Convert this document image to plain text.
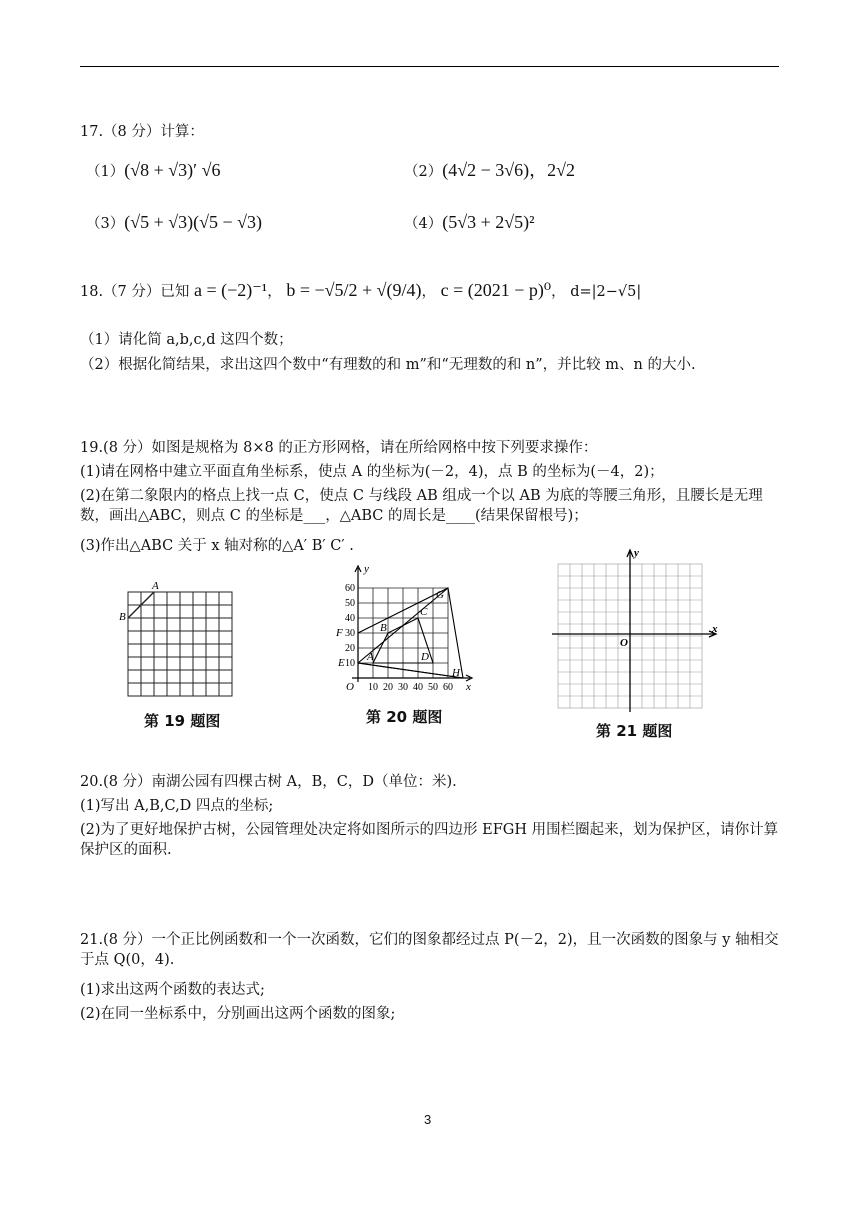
17.（8 分）计算：
（1）(√8 + √3)′ √6	（2）(4√2 − 3√6)，2√2
（3）(√5 + √3)(√5 − √3)	（4）(5√3 + 2√5)²
18.（7 分）已知 a = (−2)⁻¹， b = −√5/2 + √(9/4)， c = (2021 − p)⁰， d=|2−√5|
（1）请化简 a,b,c,d 这四个数；
（2）根据化简结果，求出这四个数中“有理数的和 m”和“无理数的和 n”，并比较 m、n 的大小.
19.(8 分）如图是规格为 8×8 的正方形网格，请在所给网格中按下列要求操作：
(1)请在网格中建立平面直角坐标系，使点 A 的坐标为(－2，4)，点 B 的坐标为(－4，2)；
(2)在第二象限内的格点上找一点 C，使点 C 与线段 AB 组成一个以 AB 为底的等腰三角形，且腰长是无理数，画出△ABC，则点 C 的坐标是___，△ABC 的周长是____(结果保留根号)；
(3)作出△ABC 关于 x 轴对称的△A′ B′ C′ .
A
B
第 19 题图
y
x
O
10
20
30
40
50
60
10 20 30 40 50 60
A
B
C
D
E
F
G
H
第 20 题图
y
x
O
第 21 题图
20.(8 分）南湖公园有四棵古树 A，B，C，D（单位：米).
(1)写出 A,B,C,D 四点的坐标;
(2)为了更好地保护古树，公园管理处决定将如图所示的四边形 EFGH 用围栏圈起来，划为保护区，请你计算保护区的面积.
21.(8 分）一个正比例函数和一个一次函数，它们的图象都经过点 P(－2，2)，且一次函数的图象与 y 轴相交于点 Q(0，4).
(1)求出这两个函数的表达式;
(2)在同一坐标系中，分别画出这两个函数的图象;
3
